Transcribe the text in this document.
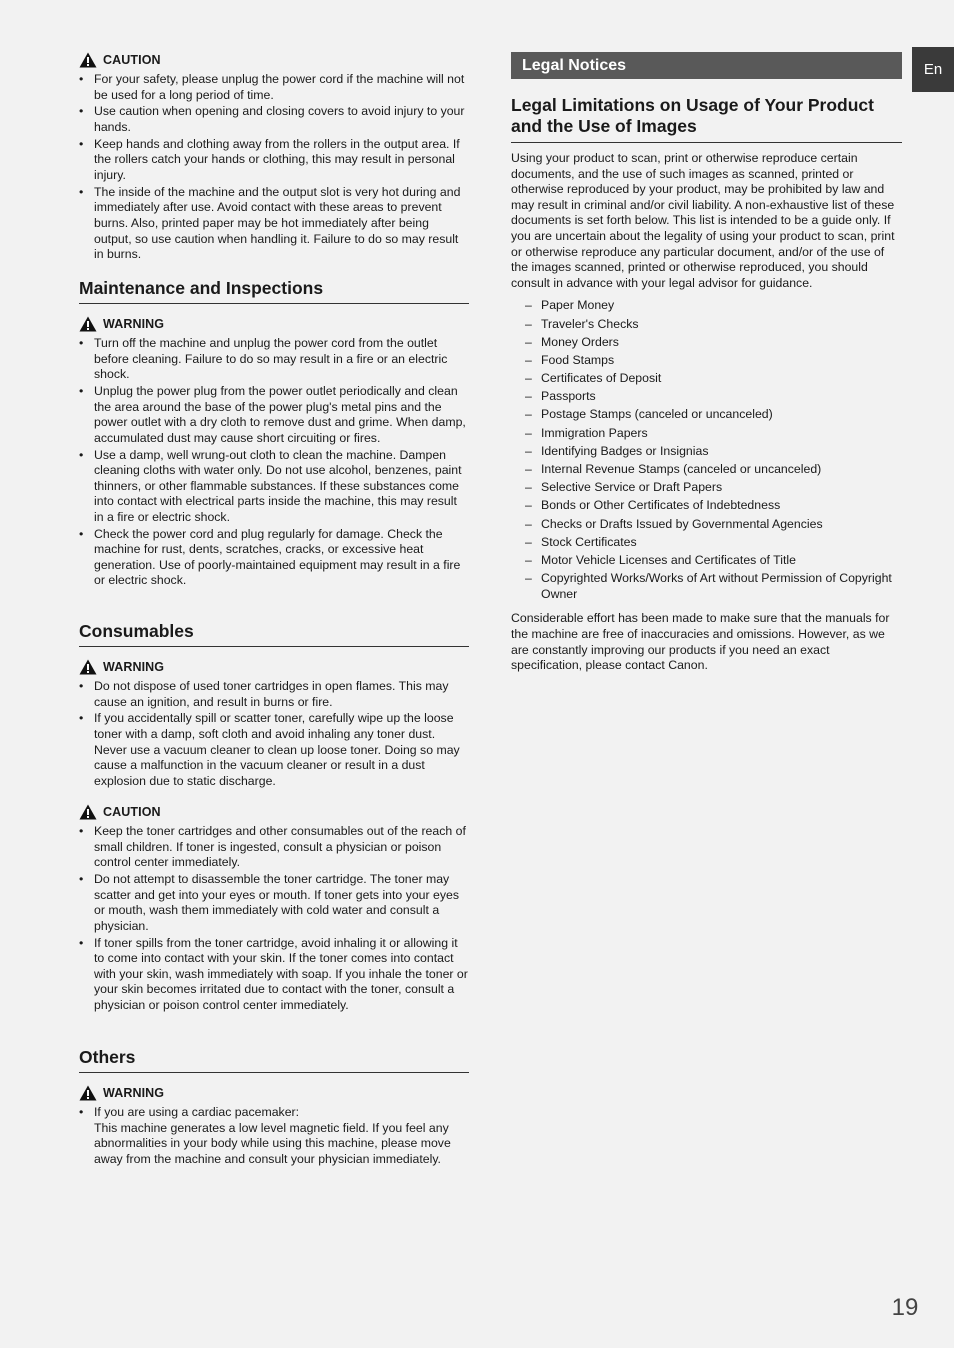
CAUTION
• For your safety, please unplug the power cord if the machine will not be used for a long period of time.
• Use caution when opening and closing covers to avoid injury to your hands.
• Keep hands and clothing away from the rollers in the output area. If the rollers catch your hands or clothing, this may result in personal injury.
• The inside of the machine and the output slot is very hot during and immediately after use. Avoid contact with these areas to prevent burns. Also, printed paper may be hot immediately after being output, so use caution when handling it. Failure to do so may result in burns.
Maintenance and Inspections
WARNING
• Turn off the machine and unplug the power cord from the outlet before cleaning. Failure to do so may result in a fire or an electric shock.
• Unplug the power plug from the power outlet periodically and clean the area around the base of the power plug's metal pins and the power outlet with a dry cloth to remove dust and grime. When damp, accumulated dust may cause short circuiting or fires.
• Use a damp, well wrung-out cloth to clean the machine. Dampen cleaning cloths with water only. Do not use alcohol, benzenes, paint thinners, or other flammable substances. If these substances come into contact with electrical parts inside the machine, this may result in a fire or electric shock.
• Check the power cord and plug regularly for damage. Check the machine for rust, dents, scratches, cracks, or excessive heat generation. Use of poorly-maintained equipment may result in a fire or electric shock.
Consumables
WARNING
• Do not dispose of used toner cartridges in open flames. This may cause an ignition, and result in burns or fire.
• If you accidentally spill or scatter toner, carefully wipe up the loose toner with a damp, soft cloth and avoid inhaling any toner dust. Never use a vacuum cleaner to clean up loose toner. Doing so may cause a malfunction in the vacuum cleaner or result in a dust explosion due to static discharge.
CAUTION
• Keep the toner cartridges and other consumables out of the reach of small children. If toner is ingested, consult a physician or poison control center immediately.
• Do not attempt to disassemble the toner cartridge. The toner may scatter and get into your eyes or mouth. If toner gets into your eyes or mouth, wash them immediately with cold water and consult a physician.
• If toner spills from the toner cartridge, avoid inhaling it or allowing it to come into contact with your skin. If the toner comes into contact with your skin, wash immediately with soap. If you inhale the toner or your skin becomes irritated due to contact with the toner, consult a physician or poison control center immediately.
Others
WARNING
• If you are using a cardiac pacemaker:
This machine generates a low level magnetic field. If you feel any abnormalities in your body while using this machine, please move away from the machine and consult your physician immediately.
Legal Notices	En
Legal Limitations on Usage of Your Product and the Use of Images

Using your product to scan, print or otherwise reproduce certain documents, and the use of such images as scanned, printed or otherwise reproduced by your product, may be prohibited by law and may result in criminal and/or civil liability. A non-exhaustive list of these documents is set forth below. This list is intended to be a guide only. If you are uncertain about the legality of using your product to scan, print or otherwise reproduce any particular document, and/or of the use of the images scanned, printed or otherwise reproduced, you should consult in advance with your legal advisor for guidance.

– Paper Money
– Traveler's Checks
– Money Orders
– Food Stamps
– Certificates of Deposit
– Passports
– Postage Stamps (canceled or uncanceled)
– Immigration Papers
– Identifying Badges or Insignias
– Internal Revenue Stamps (canceled or uncanceled)
– Selective Service or Draft Papers
– Bonds or Other Certificates of Indebtedness
– Checks or Drafts Issued by Governmental Agencies
– Stock Certificates
– Motor Vehicle Licenses and Certificates of Title
– Copyrighted Works/Works of Art without Permission of Copyright Owner

Considerable effort has been made to make sure that the manuals for the machine are free of inaccuracies and omissions. However, as we are constantly improving our products if you need an exact specification, please contact Canon.

19
